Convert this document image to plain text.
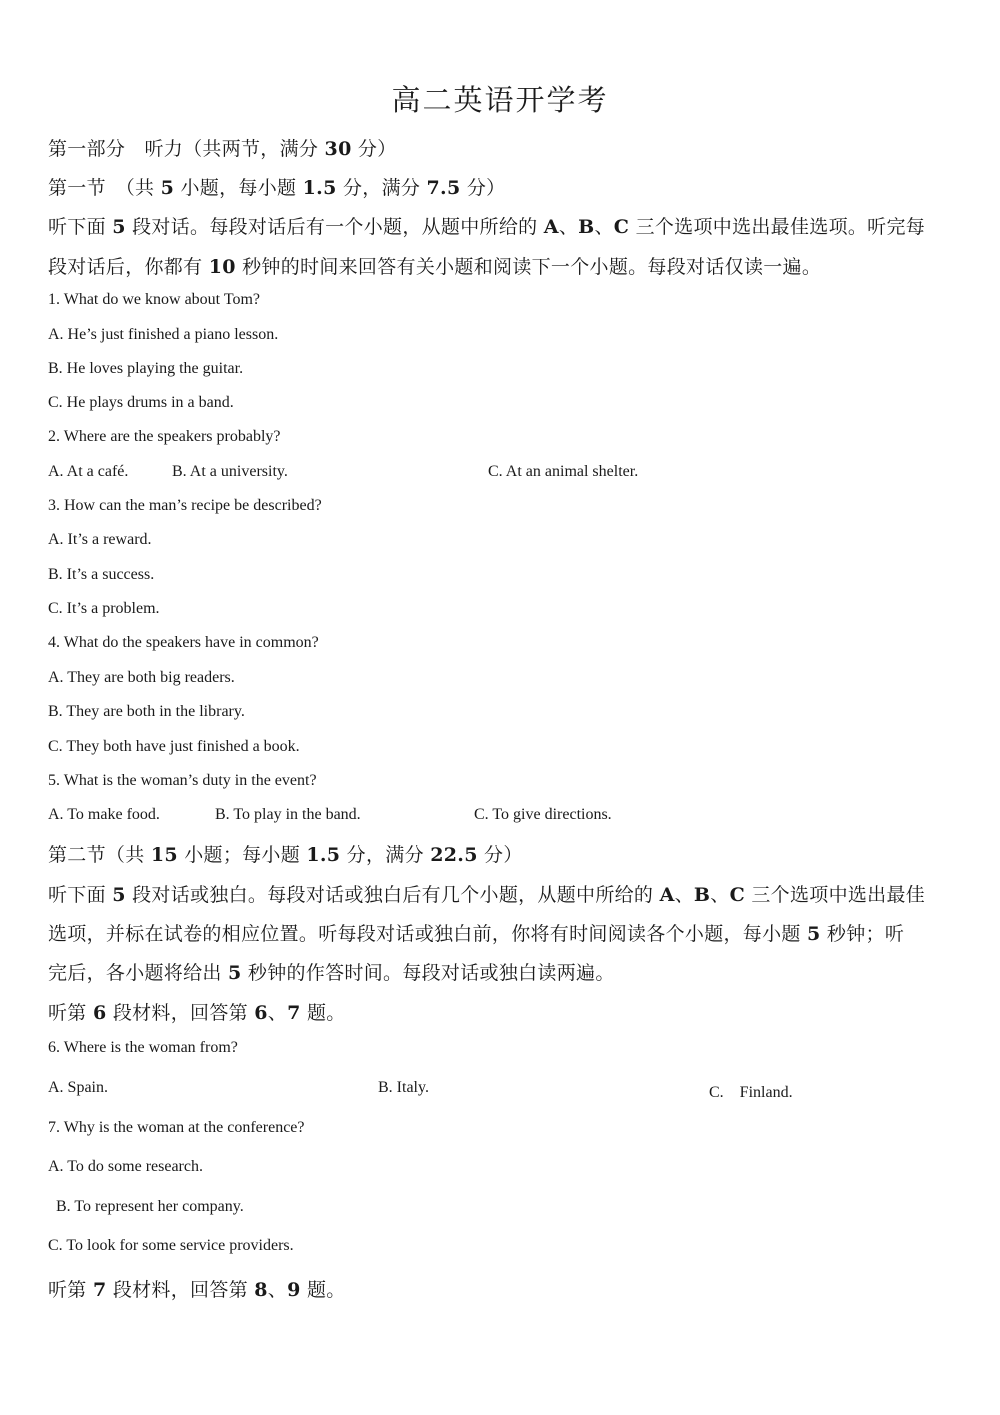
高二英语开学考
第一部分　听力（共两节，满分 30 分）
第一节　（共 5 小题，每小题 1.5 分，满分 7.5 分）
听下面 5 段对话。每段对话后有一个小题，从题中所给的 A、B、C 三个选项中选出最佳选项。听完每
段对话后，你都有 10 秒钟的时间来回答有关小题和阅读下一个小题。每段对话仅读一遍。
1. What do we know about Tom?
A. He’s just finished a piano lesson.
B. He loves playing the guitar.
C. He plays drums in a band.
2. Where are the speakers probably?
A. At a café.	B. At a university.	C. At an animal shelter.
3. How can the man’s recipe be described?
A. It’s a reward.
B. It’s a success.
C. It’s a problem.
4. What do the speakers have in common?
A. They are both big readers.
B. They are both in the library.
C. They both have just finished a book.
5. What is the woman’s duty in the event?
A. To make food.	B. To play in the band.	C. To give directions.
第二节（共 15 小题；每小题 1.5 分，满分 22.5 分）
听下面 5 段对话或独白。每段对话或独白后有几个小题，从题中所给的 A、B、C 三个选项中选出最佳
选项，并标在试卷的相应位置。听每段对话或独白前，你将有时间阅读各个小题，每小题 5 秒钟；听
完后，各小题将给出 5 秒钟的作答时间。每段对话或独白读两遍。
听第 6 段材料，回答第 6、7 题。
6. Where is the woman from?
A. Spain.	B. Italy.	C.　Finland.
7. Why is the woman at the conference?
A. To do some research.
B. To represent her company.
C. To look for some service providers.
听第 7 段材料，回答第 8、9 题。
